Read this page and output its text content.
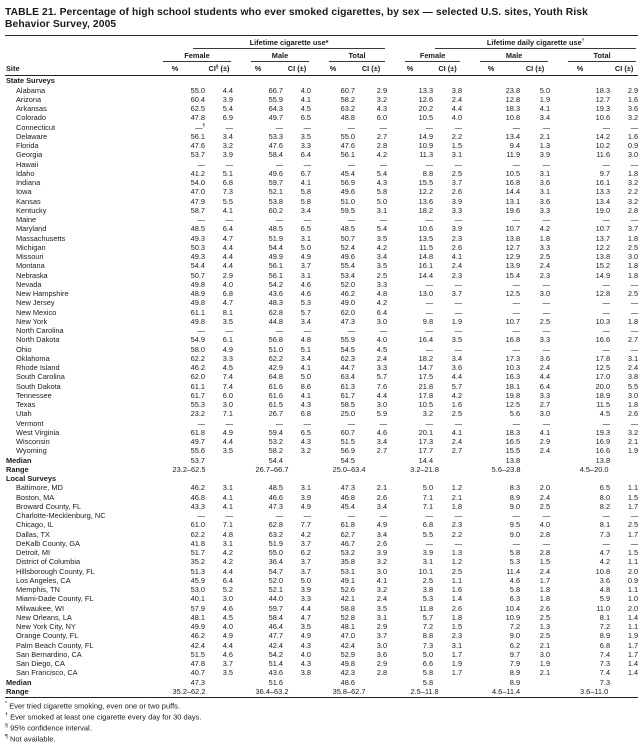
TABLE 21. Percentage of high school students who ever smoked cigarettes, by sex — selected U.S. sites, Youth Risk Behavior Survey, 2005

	Lifetime cigarette use*						Lifetime daily cigarette use†

	Female		Male		Total		Female		Male		Total	

Site	%	CI§ (±)	%	CI (±)	%	CI (±)	%	CI (±)	%	CI (±)	%	CI (±)
State Surveys												
Alabama	55.0	4.4	66.7	4.0	60.7	2.9	13.3	3.8	23.8	5.0	18.3	2.9
Arizona	60.4	3.9	55.9	4.1	58.2	3.2	12.6	2.4	12.8	1.9	12.7	1.6
Arkansas	62.5	5.4	64.3	4.5	63.2	4.3	20.2	4.4	18.3	4.1	19.3	3.6
Colorado	47.8	6.9	49.7	6.5	48.8	6.0	10.5	4.0	10.8	3.4	10.6	3.2
Connecticut	—¶	—	—	—	—	—	—	—	—	—	—	—
Delaware	56.1	3.4	53.3	3.5	55.0	2.7	14.9	2.2	13.4	2.1	14.2	1.6
Florida	47.6	3.2	47.6	3.3	47.6	2.8	10.9	1.5	9.4	1.3	10.2	0.9
Georgia	53.7	3.9	58.4	6.4	56.1	4.2	11.3	3.1	11.9	3.9	11.6	3.0
Hawaii	—	—	—	—	—	—	—	—	—	—	—	—
Idaho	41.2	5.1	49.6	6.7	45.4	5.4	8.8	2.5	10.5	3.1	9.7	1.8
Indiana	54.0	6.8	59.7	4.1	56.9	4.3	15.5	3.7	16.8	3.6	16.1	3.2
Iowa	47.0	7.3	52.1	5.8	49.6	5.8	12.2	2.6	14.4	3.1	13.3	2.2
Kansas	47.9	5.5	53.8	5.8	51.0	5.0	13.6	3.9	13.1	3.6	13.4	3.2
Kentucky	58.7	4.1	60.2	3.4	59.5	3.1	18.2	3.3	19.6	3.3	19.0	2.8
Maine	—	—	—	—	—	—	—	—	—	—	—	—
Maryland	48.5	6.4	48.5	6.5	48.5	5.4	10.6	3.9	10.7	4.2	10.7	3.7
Massachusetts	49.3	4.7	51.9	3.1	50.7	3.5	13.5	2.3	13.8	1.8	13.7	1.8
Michigan	50.3	4.4	54.4	5.0	52.4	4.2	11.5	2.6	12.7	3.3	12.2	2.5
Missouri	49.3	4.4	49.9	4.9	49.6	3.4	14.8	4.1	12.9	2.5	13.8	3.0
Montana	54.4	4.4	56.1	3.7	55.4	3.5	16.1	2.4	13.9	2.4	15.2	1.8
Nebraska	50.7	2.9	56.1	3.1	53.4	2.5	14.4	2.3	15.4	2.3	14.9	1.8
Nevada	49.8	4.0	54.2	4.6	52.0	3.3	—	—	—	—	—	—
New Hampshire	48.9	6.8	43.6	4.6	46.2	4.8	13.0	3.7	12.5	3.0	12.8	2.5
New Jersey	49.8	4.7	48.3	5.3	49.0	4.2	—	—	—	—	—	—
New Mexico	61.1	8.1	62.8	5.7	62.0	6.4	—	—	—	—	—	—
New York	49.8	3.5	44.8	3.4	47.3	3.0	9.8	1.9	10.7	2.5	10.3	1.8
North Carolina	—	—	—	—	—	—	—	—	—	—	—	—
North Dakota	54.9	6.1	56.8	4.8	55.9	4.0	16.4	3.5	16.8	3.3	16.6	2.7
Ohio	58.0	4.9	51.0	5.1	54.5	4.5	—	—	—	—	—	—
Oklahoma	62.2	3.3	62.2	3.4	62.3	2.4	18.2	3.4	17.3	3.6	17.8	3.1
Rhode Island	46.2	4.5	42.9	4.1	44.7	3.3	14.7	3.6	10.3	2.4	12.5	2.4
South Carolina	62.0	7.4	64.8	5.0	63.4	5.7	17.5	4.4	16.3	4.4	17.0	3.8
South Dakota	61.1	7.4	61.6	8.6	61.3	7.6	21.8	5.7	18.1	6.4	20.0	5.5
Tennessee	61.7	6.0	61.6	4.1	61.7	4.4	17.8	4.2	19.8	3.3	18.9	3.0
Texas	55.3	3.0	61.5	4.3	58.5	3.0	10.5	1.6	12.5	2.7	11.5	1.8
Utah	23.2	7.1	26.7	6.8	25.0	5.9	3.2	2.5	5.6	3.0	4.5	2.6
Vermont	—	—	—	—	—	—	—	—	—	—	—	—
West Virginia	61.8	4.9	59.4	6.5	60.7	4.6	20.1	4.1	18.3	4.1	19.3	3.2
Wisconsin	49.7	4.4	53.2	4.3	51.5	3.4	17.3	2.4	16.5	2.9	16.9	2.1
Wyoming	55.6	3.5	58.2	3.2	56.9	2.7	17.7	2.7	15.5	2.4	16.6	1.9
Median	53.7		54.4		54.5		14.4		13.8		13.8	
Range	23.2–62.5		26.7–66.7		25.0–63.4		3.2–21.8		5.6–23.8		4.5–20.0	
Local Surveys												
Baltimore, MD	46.2	3.1	48.5	3.1	47.3	2.1	5.0	1.2	8.3	2.0	6.5	1.1
Boston, MA	46.8	4.1	46.6	3.9	46.8	2.6	7.1	2.1	8.9	2.4	8.0	1.5
Broward County, FL	43.3	4.1	47.3	4.9	45.4	3.4	7.1	1.8	9.0	2.5	8.2	1.7
Charlotte-Mecklenburg, NC	—	—	—	—	—	—	—	—	—	—	—	—
Chicago, IL	61.0	7.1	62.8	7.7	61.8	4.9	6.8	2.3	9.5	4.0	8.1	2.5
Dallas, TX	62.2	4.8	63.2	4.2	62.7	3.4	5.5	2.2	9.0	2.8	7.3	1.7
DeKalb County, GA	41.8	3.1	51.9	3.7	46.7	2.6	—	—	—	—	—	—
Detroit, MI	51.7	4.2	55.0	6.2	53.2	3.9	3.9	1.3	5.8	2.8	4.7	1.5
District of Columbia	35.2	4.2	36.4	3.7	35.8	3.2	3.1	1.2	5.3	1.5	4.2	1.1
Hillsborough County, FL	51.3	4.4	54.7	3.7	53.1	3.0	10.1	2.5	11.4	2.4	10.8	2.0
Los Angeles, CA	45.9	6.4	52.0	5.0	49.1	4.1	2.5	1.1	4.6	1.7	3.6	0.9
Memphis, TN	53.0	5.2	52.1	3.9	52.6	3.2	3.8	1.6	5.8	1.8	4.8	1.1
Miami-Dade County, FL	40.1	3.0	44.0	3.3	42.1	2.4	5.3	1.4	6.3	1.8	5.9	1.0
Milwaukee, WI	57.9	4.6	59.7	4.4	58.8	3.5	11.8	2.6	10.4	2.6	11.0	2.0
New Orleans, LA	48.1	4.5	58.4	4.7	52.8	3.1	5.7	1.8	10.9	2.5	8.1	1.4
New York City, NY	49.9	4.0	46.4	3.5	48.1	2.9	7.2	1.5	7.2	1.3	7.2	1.1
Orange County, FL	46.2	4.9	47.7	4.9	47.0	3.7	8.8	2.3	9.0	2.5	8.9	1.9
Palm Beach County, FL	42.4	4.4	42.4	4.3	42.4	3.0	7.3	3.1	6.2	2.1	6.8	1.7
San Bernardino, CA	51.5	4.6	54.2	4.0	52.9	3.6	5.0	1.7	9.7	3.0	7.4	1.7
San Diego, CA	47.8	3.7	51.4	4.3	49.8	2.9	6.6	1.9	7.9	1.9	7.3	1.4
San Francisco, CA	40.7	3.5	43.6	3.8	42.3	2.8	5.8	1.7	8.9	2.1	7.4	1.4
Median	47.3		51.6		48.6		5.8		8.9		7.3	
Range	35.2–62.2		36.4–63.2		35.8–62.7		2.5–11.8		4.6–11.4		3.6–11.0	
* Ever tried cigarette smoking, even one or two puffs.
† Ever smoked at least one cigarette every day for 30 days.
§ 95% confidence interval.
¶ Not available.
